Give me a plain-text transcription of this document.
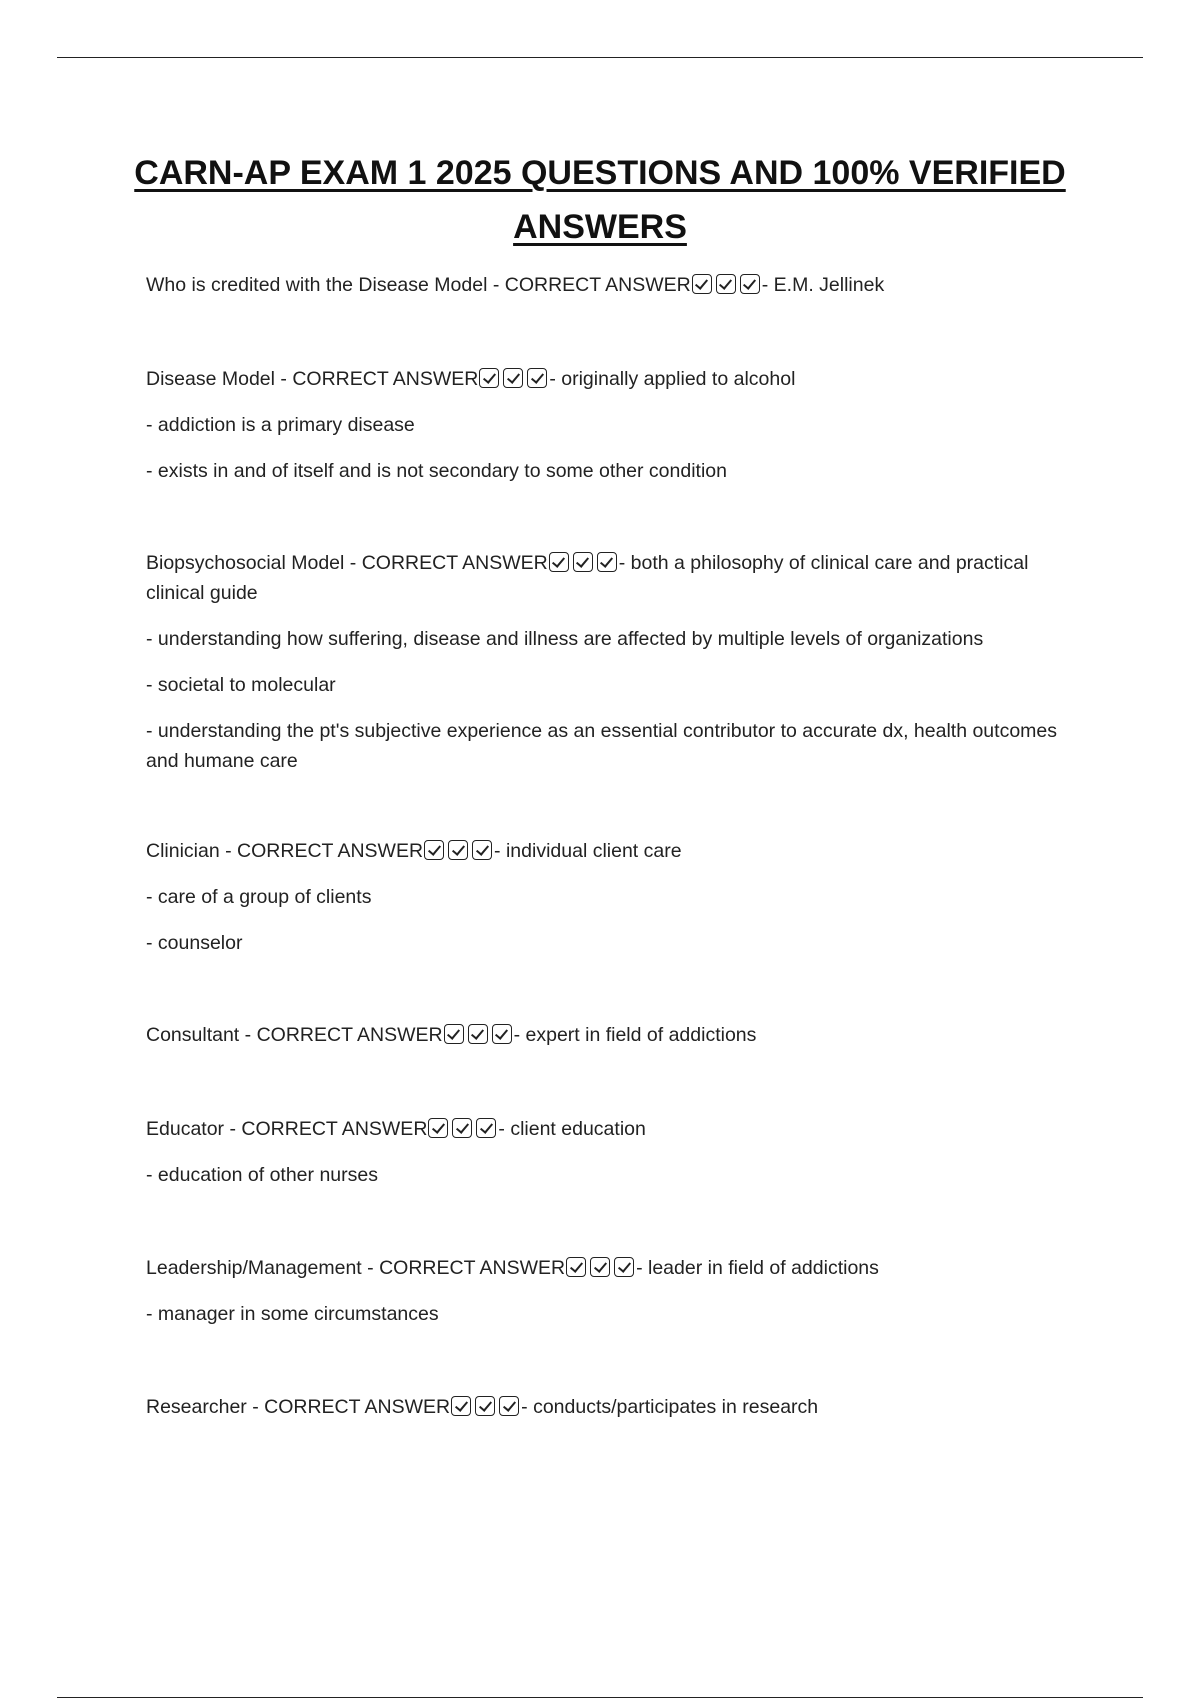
CARN-AP EXAM 1 2025 QUESTIONS AND 100% VERIFIED ANSWERS

Who is credited with the Disease Model - CORRECT ANSWER	- E.M. Jellinek

Disease Model - CORRECT ANSWER	- originally applied to alcohol

- addiction is a primary disease

- exists in and of itself and is not secondary to some other condition

Biopsychosocial Model - CORRECT ANSWER	- both a philosophy of clinical care and practical clinical guide

- understanding how suffering, disease and illness are affected by multiple levels of organizations

- societal to molecular

- understanding the pt's subjective experience as an essential contributor to accurate dx, health outcomes and humane care

Clinician - CORRECT ANSWER	- individual client care

- care of a group of clients

- counselor

Consultant - CORRECT ANSWER	- expert in field of addictions

Educator - CORRECT ANSWER	- client education

- education of other nurses

Leadership/Management - CORRECT ANSWER	- leader in field of addictions

- manager in some circumstances

Researcher - CORRECT ANSWER	- conducts/participates in research
